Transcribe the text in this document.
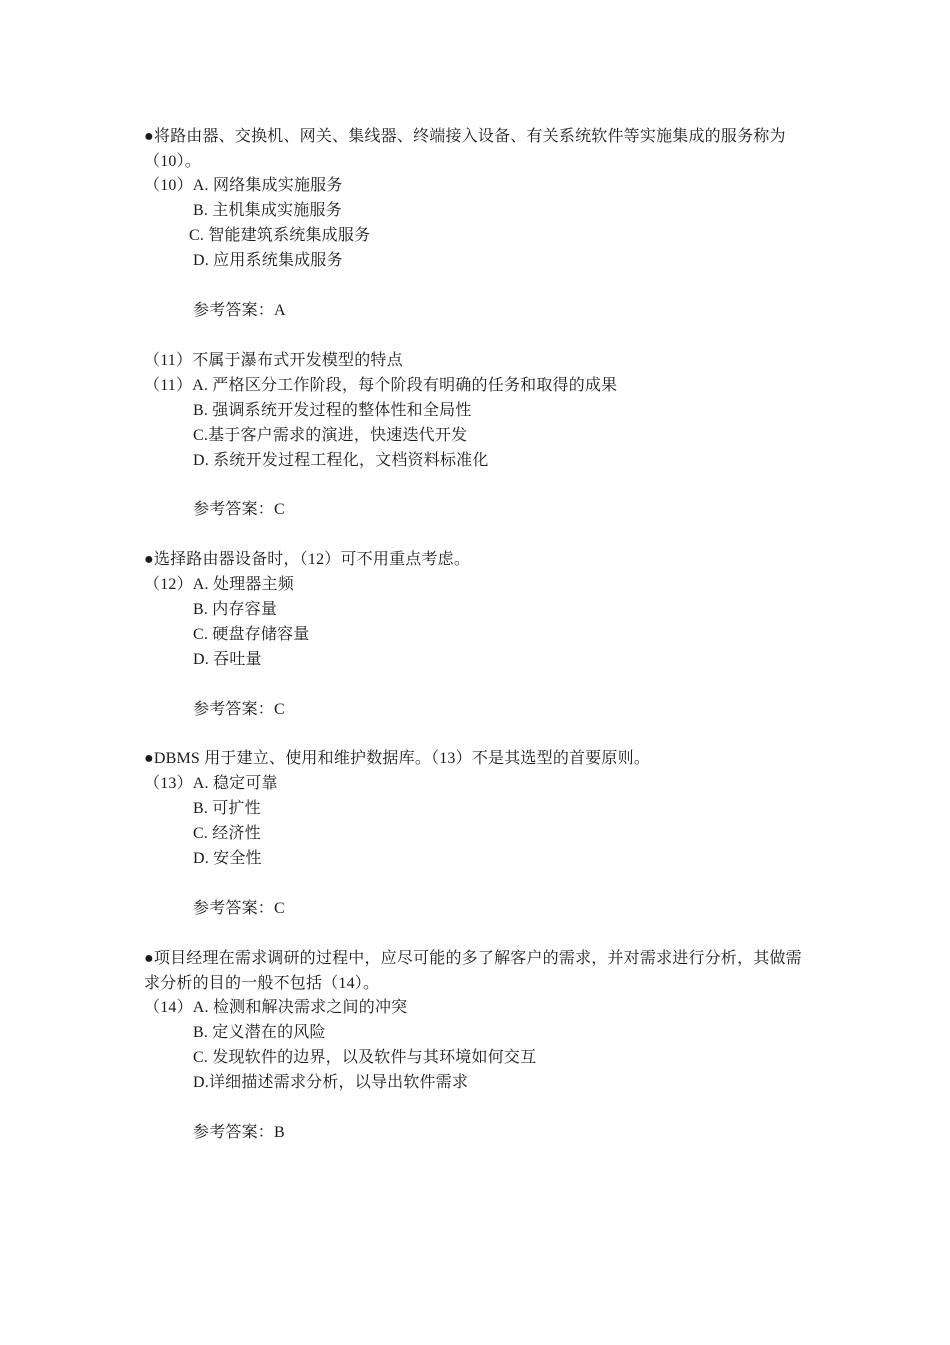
●将路由器、交换机、网关、集线器、终端接入设备、有关系统软件等实施集成的服务称为（10）。
（10）A. 网络集成实施服务
B. 主机集成实施服务
C. 智能建筑系统集成服务
D. 应用系统集成服务
参考答案：A
（11）不属于瀑布式开发模型的特点
（11）A. 严格区分工作阶段，每个阶段有明确的任务和取得的成果
B. 强调系统开发过程的整体性和全局性
C.基于客户需求的演进，快速迭代开发
D. 系统开发过程工程化，文档资料标准化
参考答案：C
●选择路由器设备时，（12）可不用重点考虑。
（12）A. 处理器主频
B. 内存容量
C. 硬盘存储容量
D. 吞吐量
参考答案：C
●DBMS 用于建立、使用和维护数据库。（13）不是其选型的首要原则。
（13）A. 稳定可靠
B. 可扩性
C. 经济性
D. 安全性
参考答案：C
●项目经理在需求调研的过程中，应尽可能的多了解客户的需求，并对需求进行分析，其做需求分析的目的一般不包括（14）。
（14）A. 检测和解决需求之间的冲突
B. 定义潜在的风险
C. 发现软件的边界，以及软件与其环境如何交互
D.详细描述需求分析，以导出软件需求
参考答案：B
